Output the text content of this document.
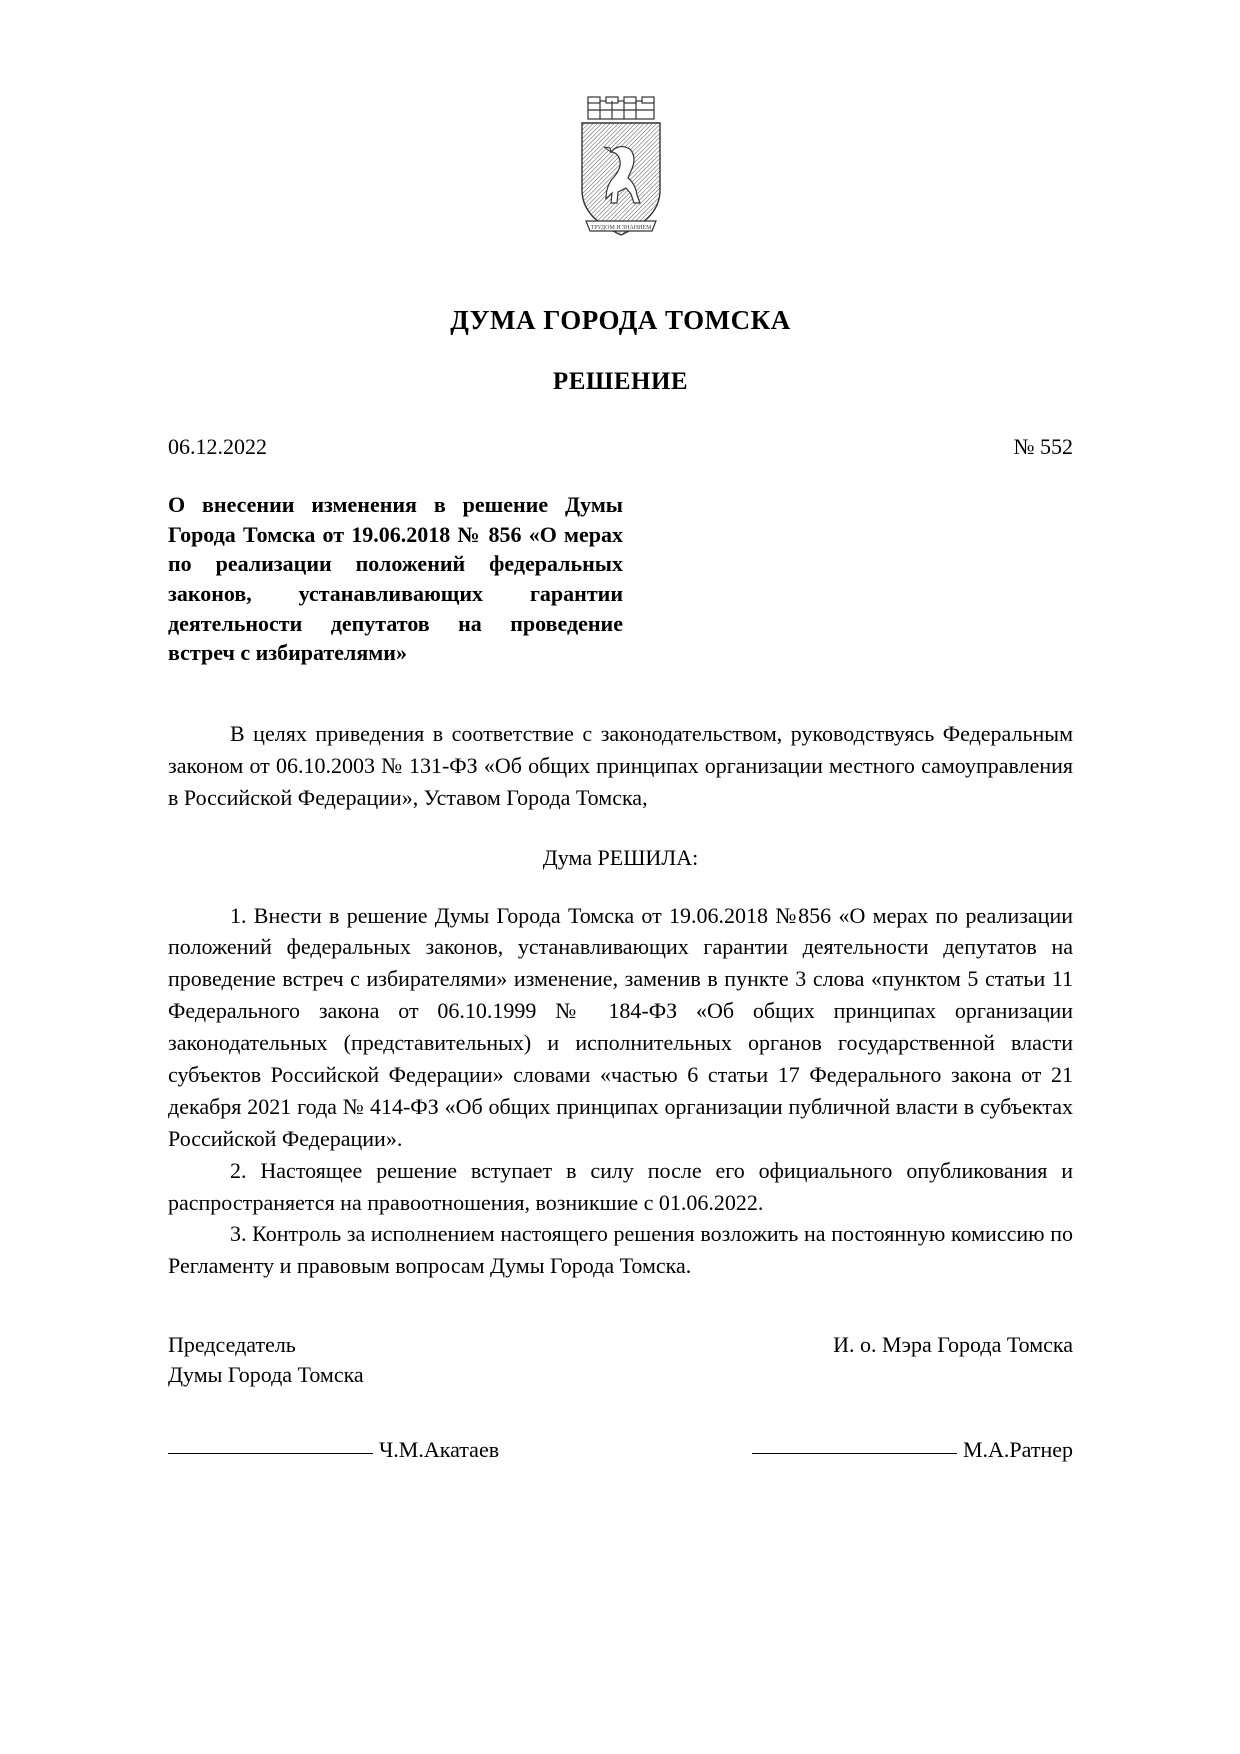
ТРУДОМ И ЗНАНИЕМ
ДУМА ГОРОДА ТОМСКА
РЕШЕНИЕ
06.12.2022	№ 552
О внесении изменения в решение Думы Города Томска от 19.06.2018 № 856 «О мерах по реализации положений федеральных законов, устанавливающих гарантии деятельности депутатов на проведение встреч с избирателями»

В целях приведения в соответствие с законодательством, руководствуясь Федеральным законом от 06.10.2003 № 131-ФЗ «Об общих принципах организации местного самоуправления в Российской Федерации», Уставом Города Томска,

Дума РЕШИЛА:

1. Внести в решение Думы Города Томска от 19.06.2018 №856 «О мерах по реализации положений федеральных законов, устанавливающих гарантии деятельности депутатов на проведение встреч с избирателями» изменение, заменив в пункте 3 слова «пунктом 5 статьи 11 Федерального закона от 06.10.1999 № 184-ФЗ «Об общих принципах организации законодательных (представительных) и исполнительных органов государственной власти субъектов Российской Федерации» словами «частью 6 статьи 17 Федерального закона от 21 декабря 2021 года № 414-ФЗ «Об общих принципах организации публичной власти в субъектах Российской Федерации».

2. Настоящее решение вступает в силу после его официального опубликования и распространяется на правоотношения, возникшие с 01.06.2022.

3. Контроль за исполнением настоящего решения возложить на постоянную комиссию по Регламенту и правовым вопросам Думы Города Томска.

Председатель
Думы Города Томска
И. о. Мэра Города Томска
Ч.М.Акатаев	М.А.Ратнер
